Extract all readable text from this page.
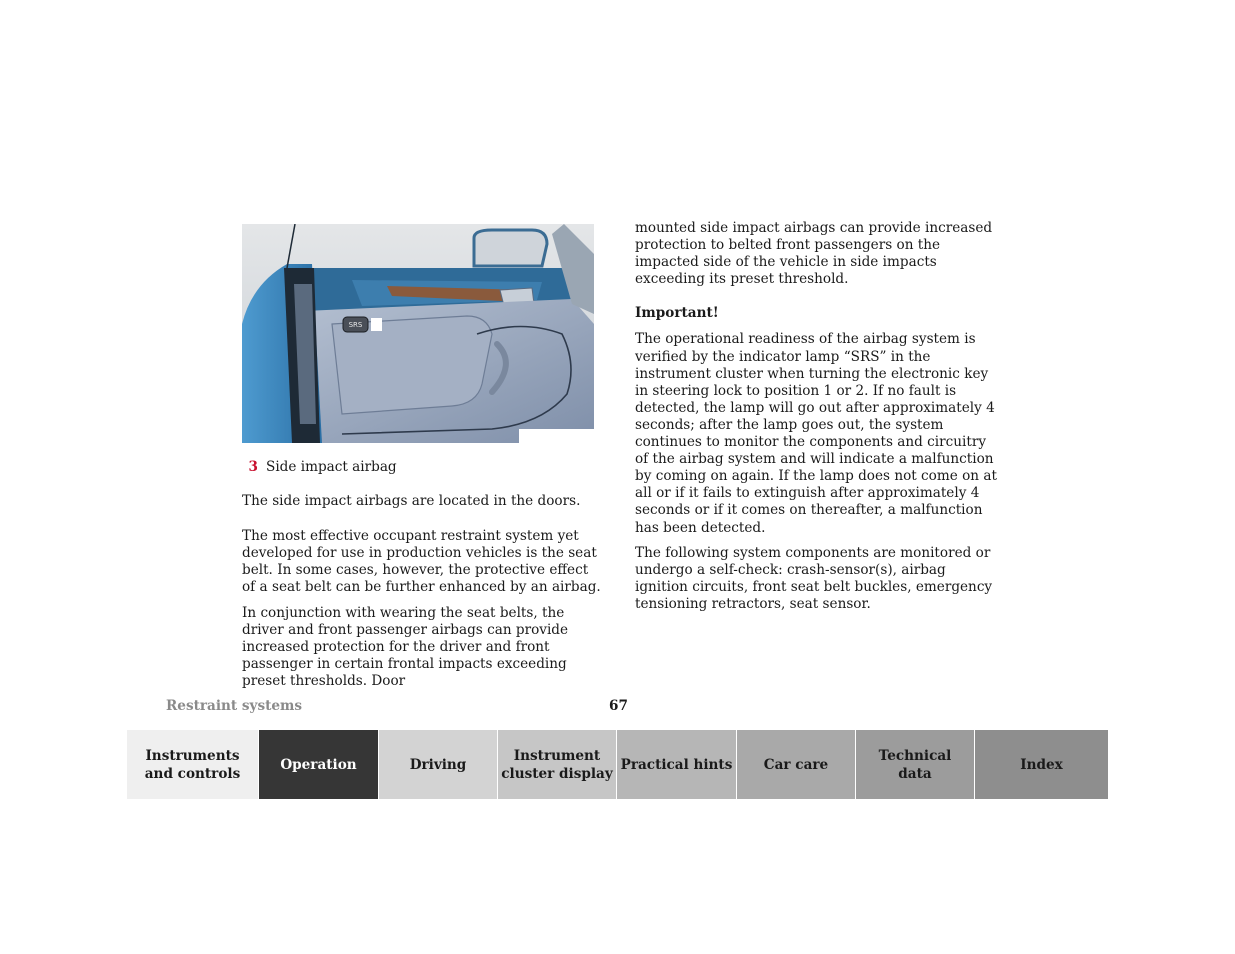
SRS

3 Side impact airbag

The side impact airbags are located in the doors.

The most effective occupant restraint system yet developed for use in production vehicles is the seat belt. In some cases, however, the protective effect of a seat belt can be further enhanced by an airbag.

In conjunction with wearing the seat belts, the driver and front passenger airbags can provide increased protection for the driver and front passenger in certain frontal impacts exceeding preset thresholds. Door

mounted side impact airbags can provide increased protection to belted front passengers on the impacted side of the vehicle in side impacts exceeding its preset threshold.

Important!

The operational readiness of the airbag system is verified by the indicator lamp “SRS” in the instrument cluster when turning the electronic key in steering lock to position 1 or 2. If no fault is detected, the lamp will go out after approximately 4 seconds; after the lamp goes out, the system continues to monitor the components and circuitry of the airbag system and will indicate a malfunction by coming on again. If the lamp does not come on at all or if it fails to extinguish after approximately 4 seconds or if it comes on thereafter, a malfunction has been detected.

The following system components are monitored or undergo a self-check: crash-sensor(s), airbag ignition circuits, front seat belt buckles, emergency tensioning retractors, seat sensor.

Restraint systems	67
Instruments
and controls
Operation	Driving
Instrument
cluster display
Practical hints	Car care
Technical
data
Index
